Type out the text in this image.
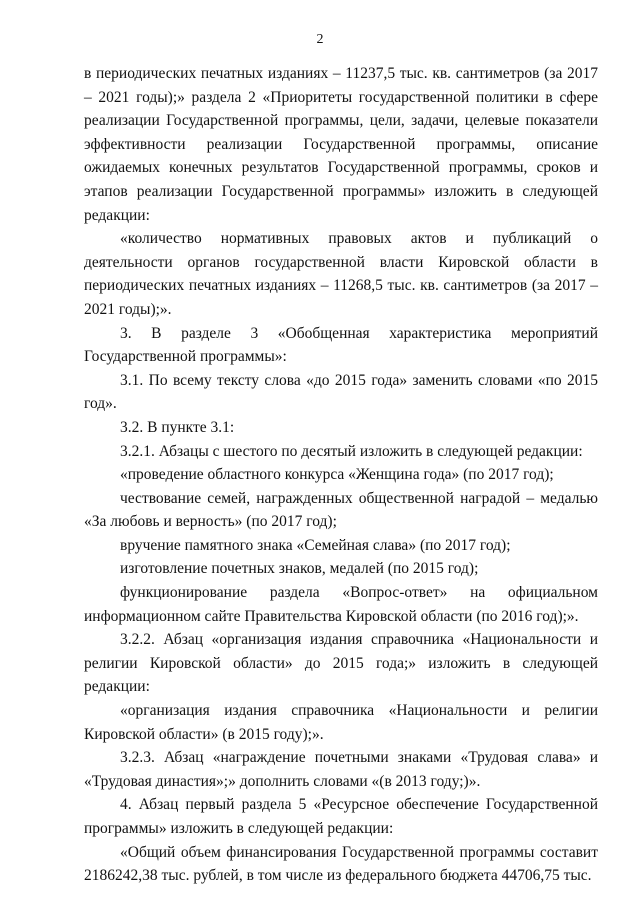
2

в периодических печатных изданиях – 11237,5 тыс. кв. сантиметров (за 2017 – 2021 годы);» раздела 2 «Приоритеты государственной политики в сфере реализации Государственной программы, цели, задачи, целевые показатели эффективности реализации Государственной программы, описание ожидаемых конечных результатов Государственной программы, сроков и этапов реализации Государственной программы» изложить в следующей редакции:

«количество нормативных правовых актов и публикаций о деятельности органов государственной власти Кировской области в периодических печатных изданиях – 11268,5 тыс. кв. сантиметров (за 2017 – 2021 годы);».

3. В разделе 3 «Обобщенная характеристика мероприятий Государственной программы»:

3.1. По всему тексту слова «до 2015 года» заменить словами «по 2015 год».

3.2. В пункте 3.1:

3.2.1. Абзацы с шестого по десятый изложить в следующей редакции:

«проведение областного конкурса «Женщина года» (по 2017 год);

чествование семей, награжденных общественной наградой – медалью «За любовь и верность» (по 2017 год);

вручение памятного знака «Семейная слава» (по 2017 год);

изготовление почетных знаков, медалей (по 2015 год);

функционирование раздела «Вопрос-ответ» на официальном информационном сайте Правительства Кировской области (по 2016 год);».

3.2.2. Абзац «организация издания справочника «Национальности и религии Кировской области» до 2015 года;» изложить в следующей редакции:

«организация издания справочника «Национальности и религии Кировской области» (в 2015 году);».

3.2.3. Абзац «награждение почетными знаками «Трудовая слава» и «Трудовая династия»;» дополнить словами «(в 2013 году;)».

4. Абзац первый раздела 5 «Ресурсное обеспечение Государственной программы» изложить в следующей редакции:

«Общий объем финансирования Государственной программы составит 2186242,38 тыс. рублей, в том числе из федерального бюджета 44706,75 тыс.
